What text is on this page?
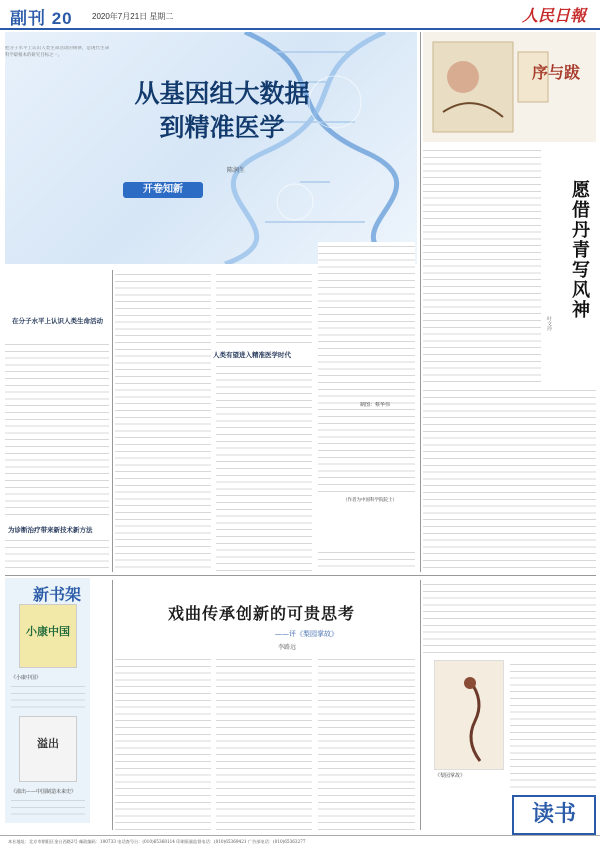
副刊 20 2020年7月21日 星期二	人民日報
从基因组大数据
到精准医学
陈润生
开卷知新
把分子水平上认识人类生命活动的规律，是现代生命科学最根本的研究目标之一。
在分子水平上认识人类生命活动
为诊断治疗带来新技术新方法
人类有望进入精准医学时代
制图：蔡华伟
（作者为中国科学院院士）
序与跋
愿借丹青写风神
叶文玲
新书架
小康中国
《小康中国》
溢出
《溢出——中国制造未来史》
戏曲传承创新的可贵思考
——评《梨园掌故》
李路远
《梨园掌故》
读书
本社地址：北京市朝阳区金台西路2号 邮政编码：100733 电话查号台：(010)65368114 印刷质量监督电话：(010)65369421 广告部电话：(010)65363277
